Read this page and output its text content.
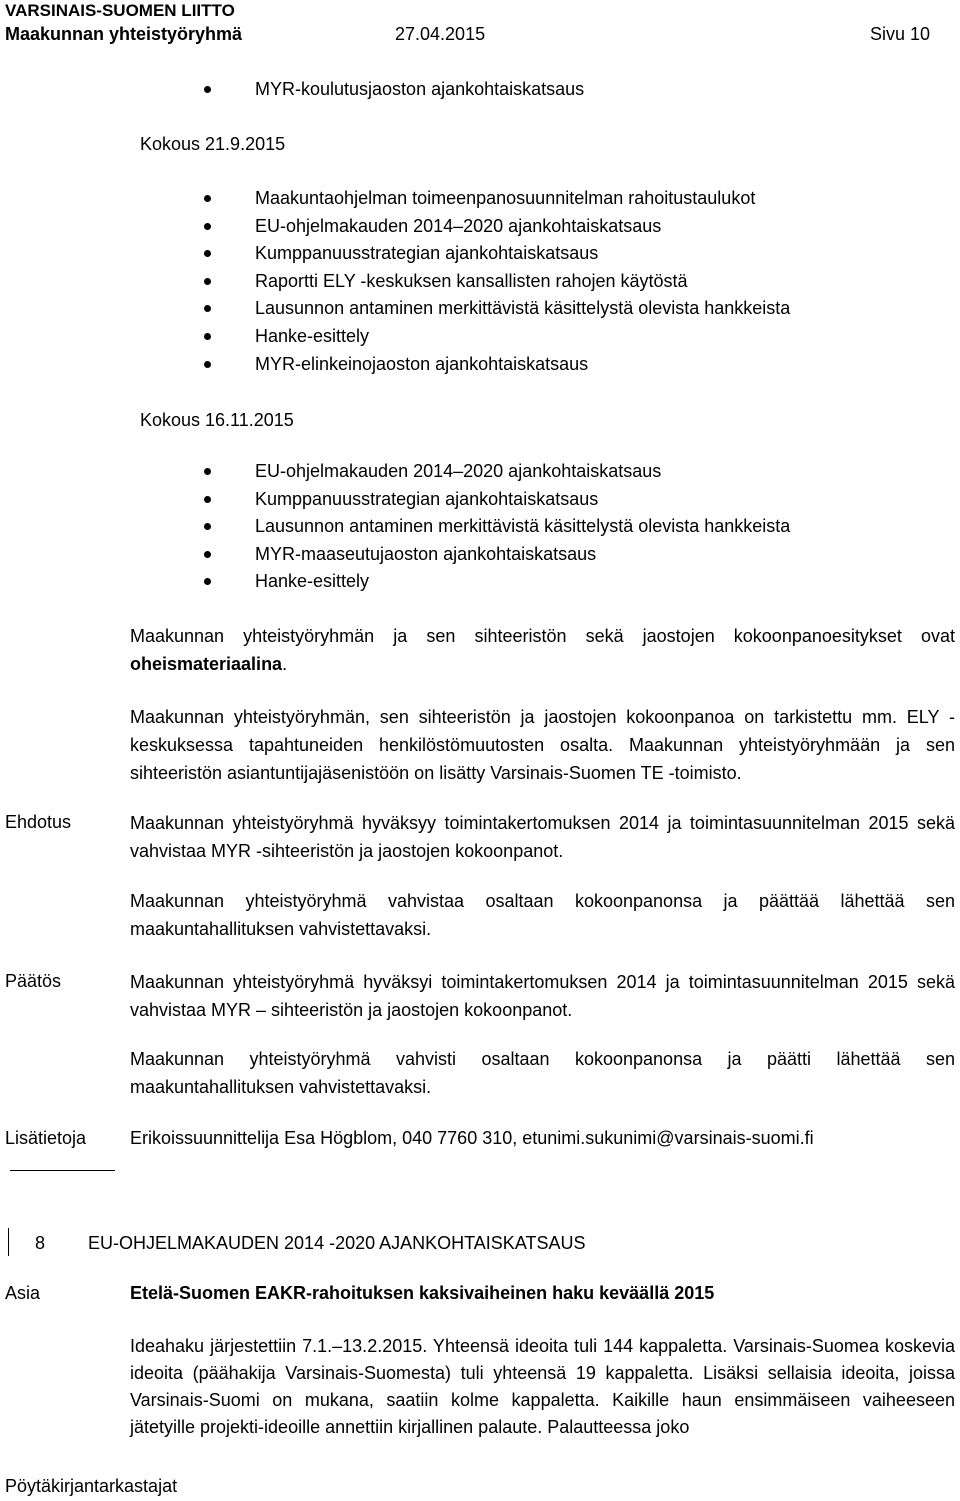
VARSINAIS-SUOMEN LIITTO
Maakunnan yhteistyöryhmä	27.04.2015	Sivu 10
MYR-koulutusjaoston ajankohtaiskatsaus
Kokous 21.9.2015
Maakuntaohjelman toimeenpanosuunnitelman rahoitustaulukot
EU-ohjelmakauden 2014–2020 ajankohtaiskatsaus
Kumppanuusstrategian ajankohtaiskatsaus
Raportti ELY -keskuksen kansallisten rahojen käytöstä
Lausunnon antaminen merkittävistä käsittelystä olevista hankkeista
Hanke-esittely
MYR-elinkeinojaoston ajankohtaiskatsaus
Kokous 16.11.2015
EU-ohjelmakauden 2014–2020 ajankohtaiskatsaus
Kumppanuusstrategian ajankohtaiskatsaus
Lausunnon antaminen merkittävistä käsittelystä olevista hankkeista
MYR-maaseutujaoston ajankohtaiskatsaus
Hanke-esittely
Maakunnan yhteistyöryhmän ja sen sihteeristön sekä jaostojen kokoonpanoesitykset ovat oheismateriaalina.
Maakunnan yhteistyöryhmän, sen sihteeristön ja jaostojen kokoonpanoa on tarkistettu mm. ELY -keskuksessa tapahtuneiden henkilöstömuutosten osalta. Maakunnan yhteistyöryhmään ja sen sihteeristön asiantuntijajäsenistöön on lisätty Varsinais-Suomen TE -toimisto.
Ehdotus	Maakunnan yhteistyöryhmä hyväksyy toimintakertomuksen 2014 ja toimintasuunnitelman 2015 sekä vahvistaa MYR -sihteeristön ja jaostojen kokoonpanot.
Maakunnan yhteistyöryhmä vahvistaa osaltaan kokoonpanonsa ja päättää lähettää sen maakuntahallituksen vahvistettavaksi.
Päätös	Maakunnan yhteistyöryhmä hyväksyi toimintakertomuksen 2014 ja toimintasuunnitelman 2015 sekä vahvistaa MYR – sihteeristön ja jaostojen kokoonpanot.
Maakunnan yhteistyöryhmä vahvisti osaltaan kokoonpanonsa ja päätti lähettää sen maakuntahallituksen vahvistettavaksi.
Lisätietoja Erikoissuunnittelija Esa Högblom, 040 7760 310, etunimi.sukunimi@varsinais-suomi.fi
8 EU-OHJELMAKAUDEN 2014 -2020 AJANKOHTAISKATSAUS
Asia	Etelä-Suomen EAKR-rahoituksen kaksivaiheinen haku keväällä 2015
Ideahaku järjestettiin 7.1.–13.2.2015. Yhteensä ideoita tuli 144 kappaletta. Varsinais-Suomea koskevia ideoita (päähakija Varsinais-Suomesta) tuli yhteensä 19 kappaletta. Lisäksi sellaisia ideoita, joissa Varsinais-Suomi on mukana, saatiin kolme kappaletta. Kaikille haun ensimmäiseen vaiheeseen jätetyille projekti-ideoille annettiin kirjallinen palaute. Palautteessa joko
Pöytäkirjantarkastajat
